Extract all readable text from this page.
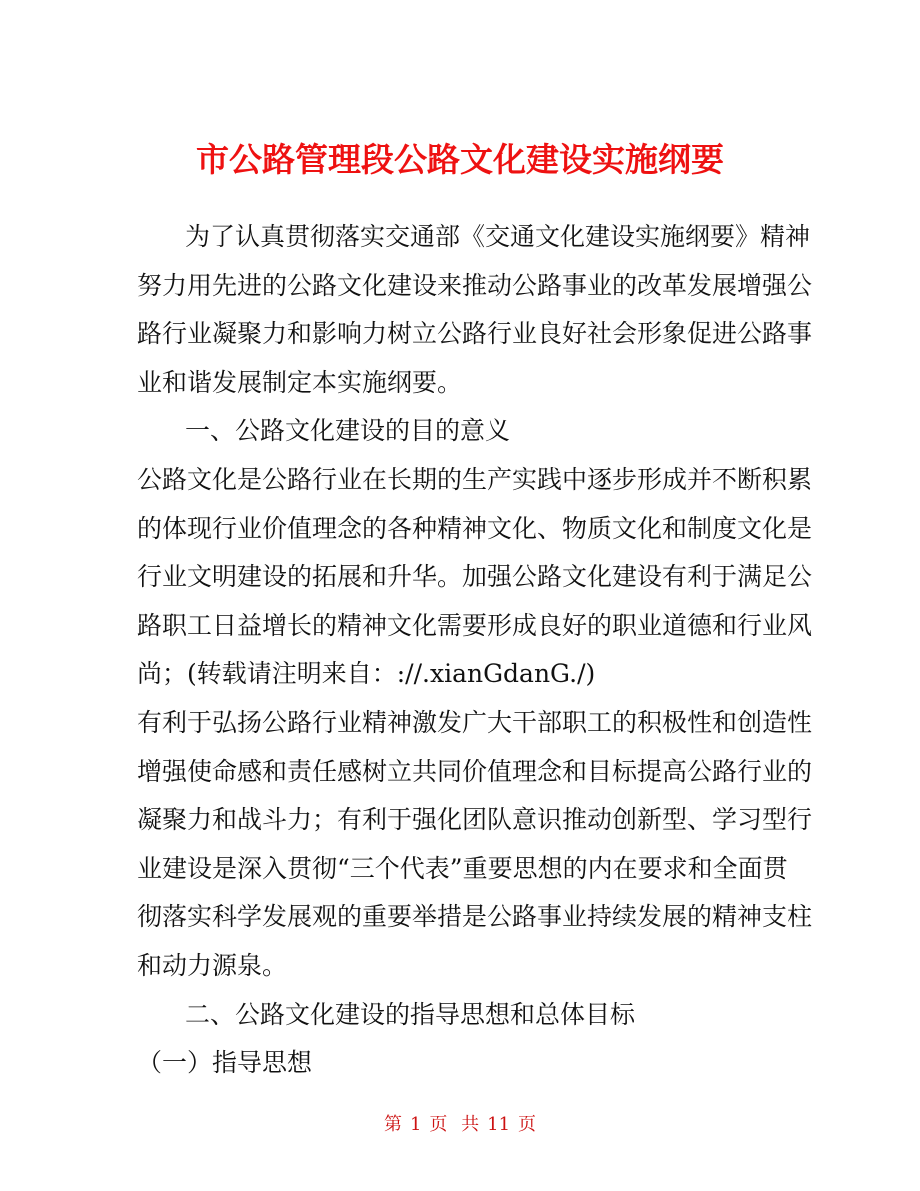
市公路管理段公路文化建设实施纲要
为了认真贯彻落实交通部《交通文化建设实施纲要》精神
努力用先进的公路文化建设来推动公路事业的改革发展增强公
路行业凝聚力和影响力树立公路行业良好社会形象促进公路事
业和谐发展制定本实施纲要。
一、公路文化建设的目的意义
公路文化是公路行业在长期的生产实践中逐步形成并不断积累
的体现行业价值理念的各种精神文化、物质文化和制度文化是
行业文明建设的拓展和升华。加强公路文化建设有利于满足公
路职工日益增长的精神文化需要形成良好的职业道德和行业风
尚；(转载请注明来自：://.xianGdanG./)
有利于弘扬公路行业精神激发广大干部职工的积极性和创造性
增强使命感和责任感树立共同价值理念和目标提高公路行业的
凝聚力和战斗力；有利于强化团队意识推动创新型、学习型行
业建设是深入贯彻“三个代表”重要思想的内在要求和全面贯
彻落实科学发展观的重要举措是公路事业持续发展的精神支柱
和动力源泉。
二、公路文化建设的指导思想和总体目标
（一）指导思想
第 1 页 共 11 页
